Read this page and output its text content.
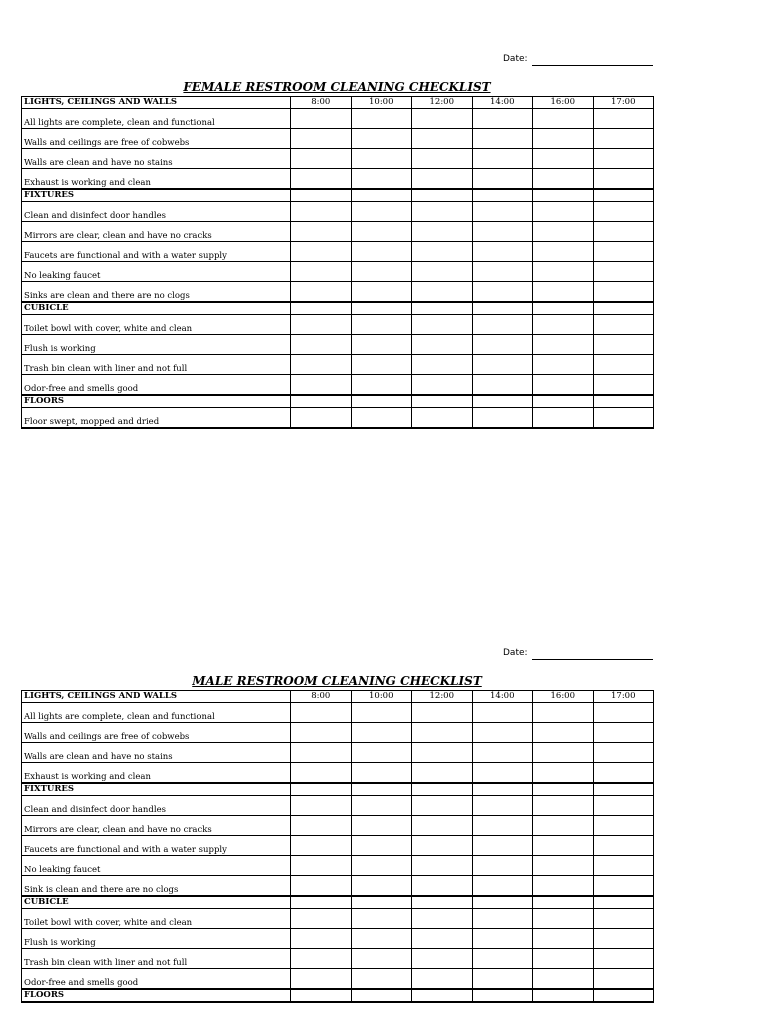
Date:
FEMALE RESTROOM CLEANING CHECKLIST
LIGHTS, CEILINGS AND WALLS	8:00	10:00	12:00	14:00	16:00	17:00
All lights are complete, clean and functional						
Walls and ceilings are free of cobwebs						
Walls are clean and have no stains						
Exhaust is working and clean						
FIXTURES						
Clean and disinfect door handles						
Mirrors are clear, clean and have no cracks						
Faucets are functional and with a water supply						
No leaking faucet						
Sinks are clean and there are no clogs						
CUBICLE						
Toilet bowl with cover, white and clean						
Flush is working						
Trash bin clean with liner and not full						
Odor-free and smells good						
FLOORS						
Floor swept, mopped and dried						
Date:
MALE RESTROOM CLEANING CHECKLIST
LIGHTS, CEILINGS AND WALLS	8:00	10:00	12:00	14:00	16:00	17:00
All lights are complete, clean and functional						
Walls and ceilings are free of cobwebs						
Walls are clean and have no stains						
Exhaust is working and clean						
FIXTURES						
Clean and disinfect door handles						
Mirrors are clear, clean and have no cracks						
Faucets are functional and with a water supply						
No leaking faucet						
Sink is clean and there are no clogs						
CUBICLE						
Toilet bowl with cover, white and clean						
Flush is working						
Trash bin clean with liner and not full						
Odor-free and smells good						
FLOORS						
